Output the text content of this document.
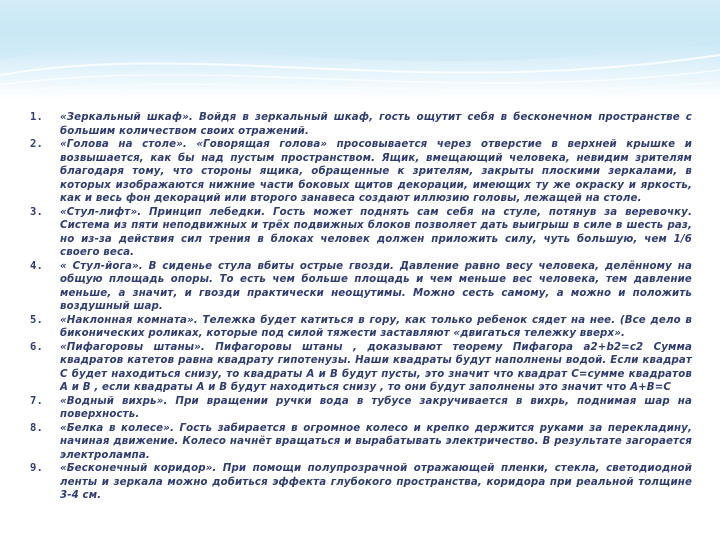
1.	«Зеркальный шкаф». Войдя в зеркальный шкаф, гость ощутит себя в бесконечном пространстве с большим количеством своих отражений.
2.	«Голова на столе». «Говорящая голова» просовывается через отверстие в верхней крышке и возвышается, как бы над пустым пространством. Ящик, вмещающий человека, невидим зрителям благодаря тому, что стороны ящика, обращенные к зрителям, закрыты плоскими зеркалами, в которых изображаются нижние части боковых щитов декорации, имеющих ту же окраску и яркость, как и весь фон декораций или второго занавеса создают иллюзию головы, лежащей на столе.
3.	«Стул-лифт». Принцип лебедки. Гость может поднять сам себя на стуле, потянув за веревочку. Система из пяти неподвижных и трёх подвижных блоков позволяет дать выигрыш в силе в шесть раз, но из-за действия сил трения в блоках человек должен приложить силу, чуть большую, чем 1/6 своего веса.
4.	« Стул-йога». В сиденье стула вбиты острые гвозди. Давление равно весу человека, делённому на общую площадь опоры. То есть чем больше площадь и чем меньше вес человека, тем давление меньше, а значит, и гвозди практически неощутимы. Можно сесть самому, а можно и положить воздушный шар.
5.	«Наклонная комната». Тележка будет катиться в гору, как только ребенок сядет на нее. (Все дело в биконических роликах, которые под силой тяжести заставляют «двигаться тележку вверх».
6.	«Пифагоровы штаны». Пифагоровы штаны , доказывают теорему Пифагора a2+b2=c2 Сумма квадратов катетов равна квадрату гипотенузы. Наши квадраты будут наполнены водой. Если квадрат С будет находиться снизу, то квадраты А и В будут пусты, это значит что квадрат С=сумме квадратов А и В , если квадраты А и В будут находиться снизу , то они будут заполнены это значит что А+В=С
7.	«Водный вихрь». При вращении ручки вода в тубусе закручивается в вихрь, поднимая шар на поверхность.
8.	«Белка в колесе». Гость забирается в огромное колесо и крепко держится руками за перекладину, начиная движение. Колесо начнёт вращаться и вырабатывать электричество. В результате загорается электролампа.
9.	«Бесконечный коридор». При помощи полупрозрачной отражающей пленки, стекла, светодиодной ленты и зеркала можно добиться эффекта глубокого пространства, коридора при реальной толщине 3-4 см.
